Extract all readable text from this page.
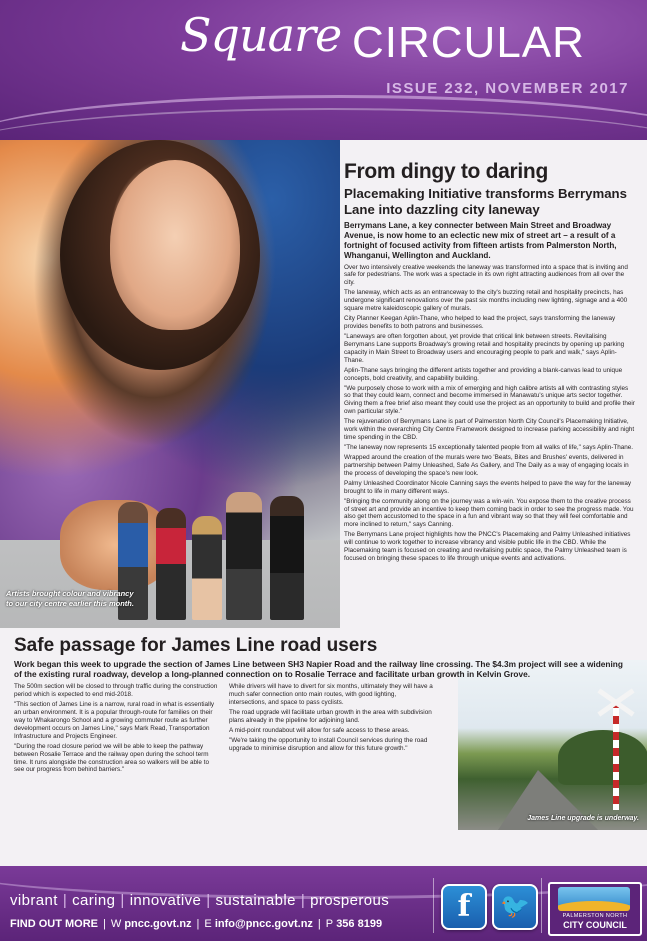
Square CIRCULAR
ISSUE 232, NOVEMBER 2017
Artists brought colour and vibrancy to our city centre earlier this month.
From dingy to daring
Placemaking Initiative transforms Berrymans Lane into dazzling city laneway
Berrymans Lane, a key connecter between Main Street and Broadway Avenue, is now home to an eclectic new mix of street art – a result of a fortnight of focused activity from fifteen artists from Palmerston North, Whanganui, Wellington and Auckland.

Over two intensively creative weekends the laneway was transformed into a space that is inviting and safe for pedestrians. The work was a spectacle in its own right attracting audiences from all over the city.

The laneway, which acts as an entranceway to the city's buzzing retail and hospitality precincts, has undergone significant renovations over the past six months including new lighting, signage and a 400 square metre kaleidoscopic gallery of murals.

City Planner Keegan Aplin-Thane, who helped to lead the project, says transforming the laneway provides benefits to both patrons and businesses.

"Laneways are often forgotten about, yet provide that critical link between streets. Revitalising Berrymans Lane supports Broadway's growing retail and hospitality precincts by opening up parking capacity in Main Street to Broadway users and encouraging people to park and walk," says Aplin-Thane.

Aplin-Thane says bringing the different artists together and providing a blank-canvas lead to unique concepts, bold creativity, and capability building.

"We purposely chose to work with a mix of emerging and high calibre artists all with contrasting styles so that they could learn, connect and become immersed in Manawatu's unique arts sector together. Giving them a free brief also meant they could use the project as an opportunity to build and profile their own particular style."

The rejuvenation of Berrymans Lane is part of Palmerston North City Council's Placemaking Initiative, work within the overarching City Centre Framework designed to increase parking accessibility and night time spending in the CBD.

"The laneway now represents 15 exceptionally talented people from all walks of life," says Aplin-Thane.

Wrapped around the creation of the murals were two 'Beats, Bites and Brushes' events, delivered in partnership between Palmy Unleashed, Safe As Gallery, and The Daily as a way of engaging locals in the process of developing the space's new look.

Palmy Unleashed Coordinator Nicole Canning says the events helped to pave the way for the laneway brought to life in many different ways.

"Bringing the community along on the journey was a win-win. You expose them to the creative process of street art and provide an incentive to keep them coming back in order to see the progress made. You also get them accustomed to the space in a fun and vibrant way so that they will feel comfortable and more inclined to return," says Canning.

The Berrymans Lane project highlights how the PNCC's Placemaking and Palmy Unleashed initiatives will continue to work together to increase vibrancy and visible public life in the CBD. While the Placemaking team is focused on creating and revitalising public space, the Palmy Unleashed team is focused on bringing these spaces to life through unique events and activations.

James Line upgrade is underway.
Safe passage for James Line road users
Work began this week to upgrade the section of James Line between SH3 Napier Road and the railway line crossing. The $4.3m project will see a widening of the existing rural roadway, develop a long-planned connection on to Rosalie Terrace and facilitate urban growth in Kelvin Grove.

The 500m section will be closed to through traffic during the construction period which is expected to end mid-2018.

"This section of James Line is a narrow, rural road in what is essentially an urban environment. It is a popular through-route for families on their way to Whakarongo School and a growing commuter route as further development occurs on James Line," says Mark Read, Transportation Infrastructure and Projects Engineer.

"During the road closure period we will be able to keep the pathway between Rosalie Terrace and the railway open during the school term time. It runs alongside the construction area so walkers will be able to see our progress from behind barriers."

While drivers will have to divert for six months, ultimately they will have a much safer connection onto main routes, with good lighting, intersections, and space to pass cyclists.

The road upgrade will facilitate urban growth in the area with subdivision plans already in the pipeline for adjoining land.

A mid-point roundabout will allow for safe access to these areas.

"We're taking the opportunity to install Council services during the road upgrade to minimise disruption and allow for this future growth."

vibrant | caring | innovative | sustainable | prosperous
FIND OUT MORE | W pncc.govt.nz | E info@pncc.govt.nz | P 356 8199	f	🐦	PALMERSTON NORTH
CITY COUNCIL
